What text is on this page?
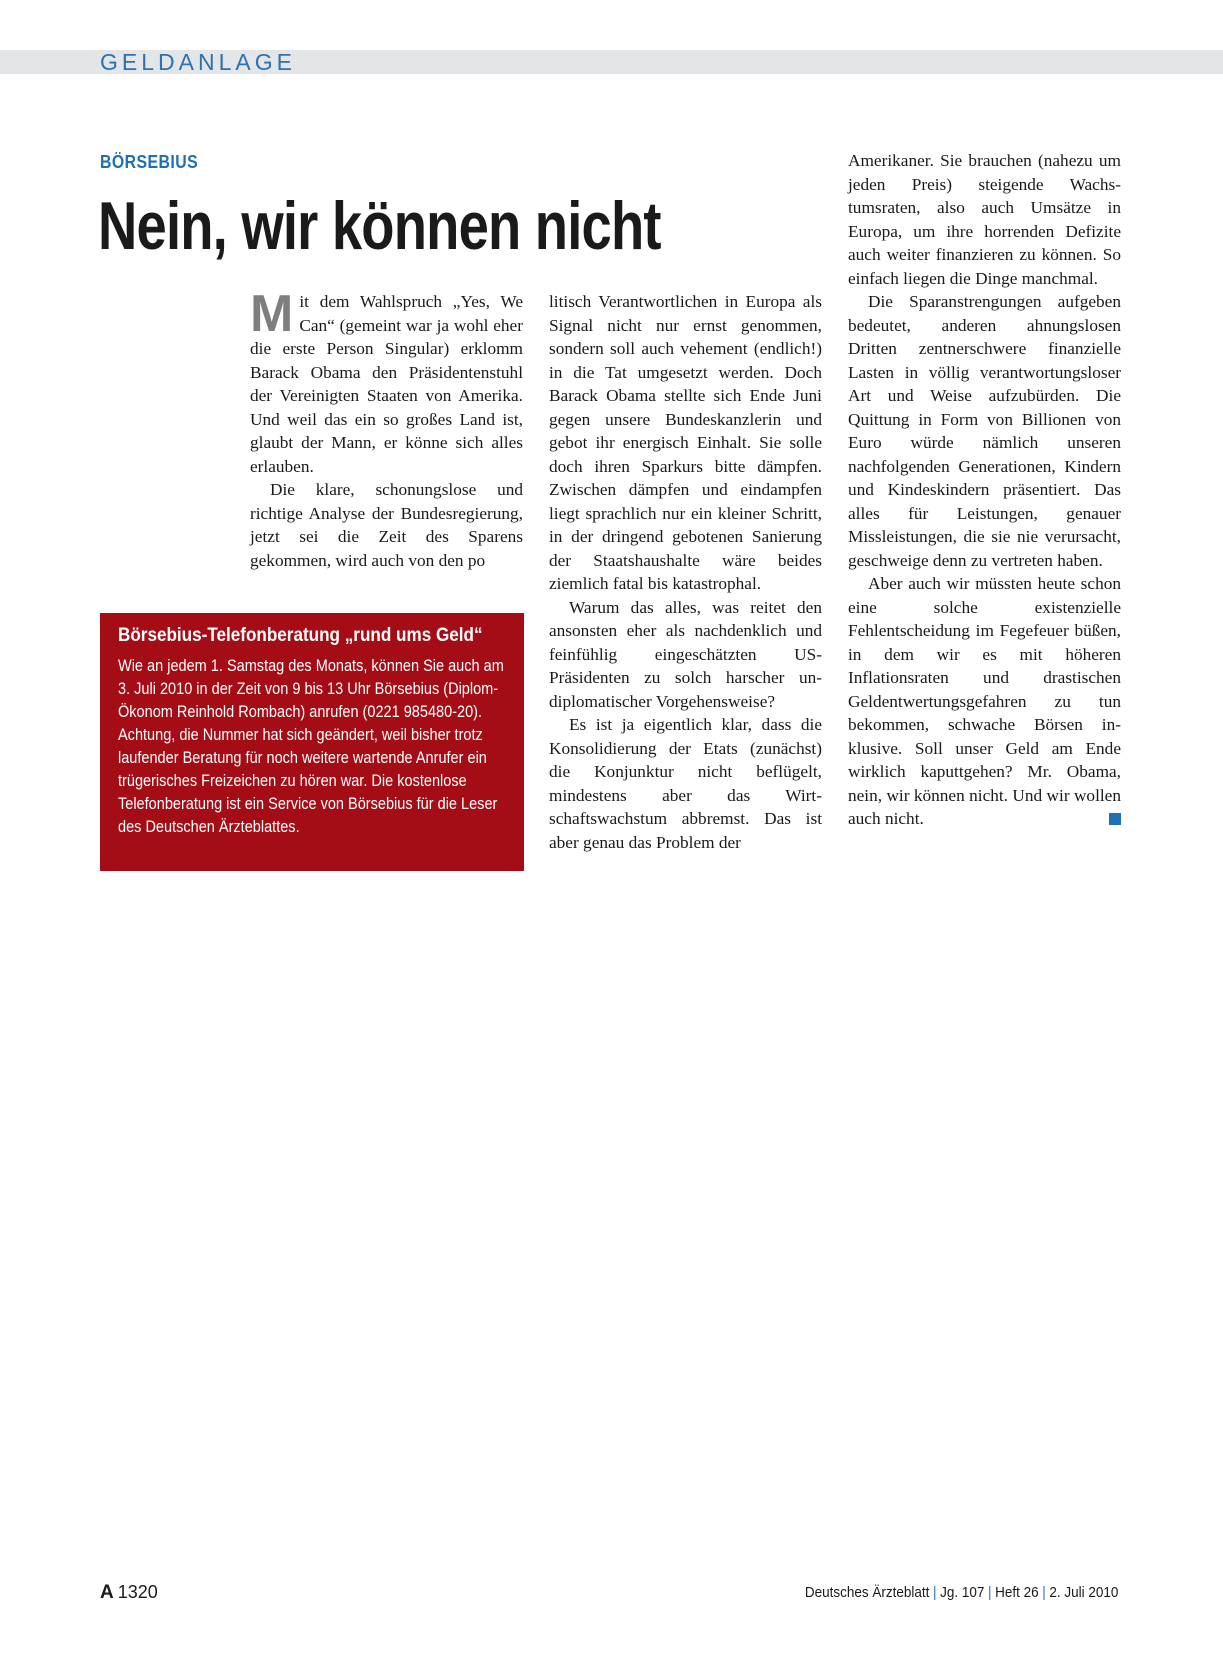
GELDANLAGE
BÖRSEBIUS
Nein, wir können nicht

Mit dem Wahlspruch „Yes, We Can“ (gemeint war ja wohl eher die erste Person Singular) erklomm Barack Obama den Präsidentenstuhl der Vereinigten Staaten von Amerika. Und weil das ein so großes Land ist, glaubt der Mann, er könne sich alles erlauben.

Die klare, schonungslose und richtige Analyse der Bundesregierung, jetzt sei die Zeit des Sparens gekommen, wird auch von den po

litisch Verantwortlichen in Europa als Signal nicht nur ernst genommen, sondern soll auch vehement (endlich!) in die Tat umgesetzt werden. Doch Barack Obama stellte sich Ende Juni gegen unsere Bundeskanzlerin und gebot ihr energisch Einhalt. Sie solle doch ihren Sparkurs bitte dämpfen. Zwischen dämpfen und eindampfen liegt sprachlich nur ein kleiner Schritt, in der dringend gebotenen Sanierung der Staatshaushalte wäre beides ziemlich fatal bis katastrophal.

Warum das alles, was reitet den ansonsten eher als nachdenklich und feinfühlig eingeschätzten US-Präsidenten zu solch harscher undiplomatischer Vorgehensweise?

Es ist ja eigentlich klar, dass die Konsolidierung der Etats (zunächst) die Konjunktur nicht beflügelt, mindestens aber das Wirtschaftswachstum abbremst. Das ist aber genau das Problem der

Amerikaner. Sie brauchen (nahezu um jeden Preis) steigende Wachstumsraten, also auch Umsätze in Europa, um ihre horrenden Defizite auch weiter finanzieren zu können. So einfach liegen die Dinge manchmal.

Die Sparanstrengungen aufgeben bedeutet, anderen ahnungslosen Dritten zentnerschwere finanzielle Lasten in völlig verantwortungsloser Art und Weise aufzubürden. Die Quittung in Form von Billionen von Euro würde nämlich unseren nachfolgenden Generationen, Kindern und Kindeskindern präsentiert. Das alles für Leistungen, genauer Missleistungen, die sie nie verursacht, geschweige denn zu vertreten haben.

Aber auch wir müssten heute schon eine solche existenzielle Fehlentscheidung im Fegefeuer büßen, in dem wir es mit höheren Inflationsraten und drastischen Geldentwertungsgefahren zu tun bekommen, schwache Börsen inklusive. Soll unser Geld am Ende wirklich kaputtgehen? Mr. Obama, nein, wir können nicht. Und wir wollen auch nicht.

Börsebius-Telefonberatung „rund ums Geld“

Wie an jedem 1. Samstag des Monats, können Sie auch am 3. Juli 2010 in der Zeit von 9 bis 13 Uhr Börsebius (Diplom-Ökonom Reinhold Rombach) anrufen (0221 985480-20). Achtung, die Nummer hat sich geändert, weil bisher trotz laufender Beratung für noch weitere wartende Anrufer ein trügerisches Freizeichen zu hören war. Die kostenlose Telefonberatung ist ein Service von Börsebius für die Leser des Deutschen Ärzteblattes.

A 1320	Deutsches Ärzteblatt | Jg. 107 | Heft 26 | 2. Juli 2010
